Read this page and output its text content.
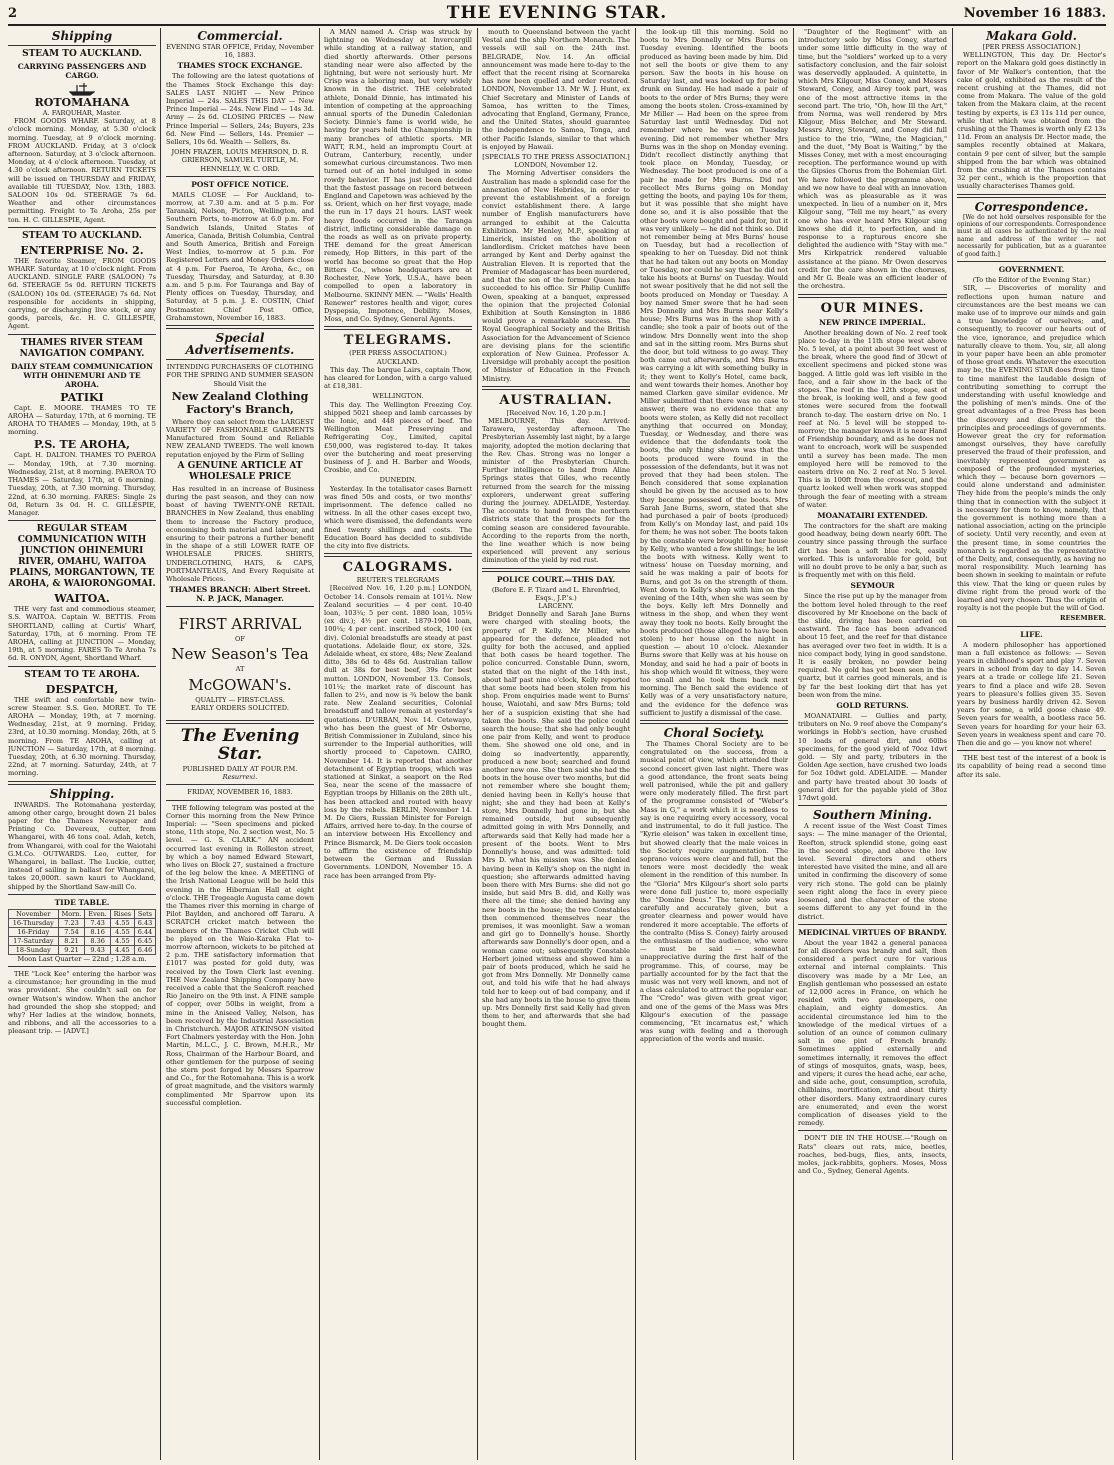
2	THE EVENING STAR.	November 16 1883.
Shipping
STEAM TO AUCKLAND.
CARRYING PASSENGERS AND CARGO.
ROTOMAHANA
A. FARQUHAR, Master.

FROM GOODS WHARF. Saturday, at 8 o'clock morning. Monday, at 5.30 o'clock morning. Tuesday, at 9 o'clock morning. FROM AUCKLAND. Friday, at 3 o'clock afternoon. Saturday, at 3 o'clock afternoon. Monday, at 4 o'clock afternoon. Tuesday, at 4.30 o'clock afternoon. RETURN TICKETS will be issued on THURSDAY and FRIDAY, available till TUESDAY, Nov. 13th, 1883. SALOON 10s 0d. STEERAGE 7s 6d. Weather and other circumstances permitting. Freight to Te Aroha, 25s per ton. H. C. GILLESPIE, Agent.

STEAM TO AUCKLAND.
ENTERPRISE No. 2.

THE favorite Steamer, FROM GOODS WHARF. Saturday, at 10 o'clock night. From AUCKLAND. SINGLE FARE (SALOON) 7s 6d. STEERAGE 5s 0d. RETURN TICKETS (SALOON) 10s 0d. (STEERAGE) 7s 6d. Not responsible for accidents in shipping, carrying, or discharging live stock, or any goods, parcels, &c. H. C. GILLESPIE, Agent.

THAMES RIVER STEAM NAVIGATION COMPANY.
DAILY STEAM COMMUNICATION WITH OHINEMURI AND TE AROHA.
PATIKI

Capt. E. MOORE. THAMES TO TE AROHA — Saturday, 17th, at 6 morning. TE AROHA TO THAMES — Monday, 19th, at 5 morning.

P.S. TE AROHA,

Capt. H. DALTON. THAMES TO PAEROA — Monday, 19th, at 7.30 morning. Wednesday, 21st, at 8 morning. PAEROA TO THAMES — Saturday, 17th, at 6 morning. Tuesday, 20th, at 7.30 morning. Thursday, 22nd, at 6.30 morning. FARES: Single 2s 0d, Return 3s 0d. H. C. GILLESPIE, Manager.

REGULAR STEAM COMMUNICATION WITH JUNCTION OHINEMURI RIVER, OMAHU, WAITOA PLAINS, MORGANTOWN, TE AROHA, & WAIORONGOMAI.
WAITOA.

THE very fast and commodious steamer, S.S. WAITOA. Captain W. BETTIS. From SHORTLAND, calling at Curtis' Wharf, Saturday, 17th, at 6 morning. From TE AROHA, calling at JUNCTION — Monday, 19th, at 5 morning. FARES To Te Aroha 7s 6d. R. ONYON, Agent, Shortland Wharf.

STEAM TO TE AROHA.
DESPATCH,

THE swift and comfortable new twin-screw Steamer. S.S. Geo. MORET. To TE AROHA — Monday, 19th, at 7 morning. Wednesday, 21st, at 9 morning. Friday, 23rd, at 10.30 morning. Monday, 26th, at 5 morning. From TE AROHA, calling at JUNCTION — Saturday, 17th, at 8 morning. Tuesday, 20th, at 6.30 morning. Thursday, 22nd, at 7 morning. Saturday, 24th, at 7 morning.

Shipping.

INWARDS. The Rotomahana yesterday, among other cargo, brought down 21 bales paper for the Thames Newspaper and Printing Co. Devereux, cutter, from Whangarei, with 46 tons coal. Adah, ketch, from Whangarei, with coal for the Waiotahi G.M.Co. OUTWARDS. Leo, cutter, for Whangarei, in ballast. The Luckie, cutter, instead of sailing in ballast for Whangarei, takes 20,000ft. sawn kauri to Auckland, shipped by the Shortland Saw-mill Co.

TIDE TABLE.
November	Morn.	Even.	Rises	Sets
16-Thursday	7.23	7.43	4.55	6.43
16-Friday	7.54	8.16	4.55	6.44
17-Saturday	8.21	8.36	4.55	6.45
18-Sunday	9.21	9.43	4.45	6.46
Moon Last Quarter — 22nd ; 1.28 a.m.

THE "Lock Kee" entering the harbor was a circumstance; her grounding in the mud was provident. She couldn't sail on for owner Watson's window. When the anchor had grounded the shop she stopped; and why? Her ladies at the window, bonnets, and ribbons, and all the accessories to a pleasant trip. — [ADVT.]

Commercial.
EVENING STAR OFFICE, Friday, November 16, 1883.
THAMES STOCK EXCHANGE.

The following are the latest quotations of the Thames Stock Exchange this day: SALES LAST NIGHT — New Prince Imperial — 24s. SALES THIS DAY — New Prince Imperial — 24s. New Find — 14s 3d. Army — 2s 6d. CLOSING PRICES — New Prince Imperial — Sellers, 24s; Buyers, 23s 6d. New Find — Sellers, 14s. Premier — Sellers, 10s 6d. Wealth — Sellers, 8s.

JOHN FRAZER, LOUIS MEHRSON, D. R. GRIERSON, SAMUEL TURTLE, M. HENNELLY, W. C. ORD.
POST OFFICE NOTICE.

MAILS CLOSE — For Auckland, to-morrow, at 7.30 a.m. and at 5 p.m. For Taranaki, Nelson, Picton, Wellington, and Southern Ports, to-morrow at 6.0 p.m. For Sandwich Islands, United States of America, Canada, British Columbia, Central and South America, British and Foreign West Indies, to-morrow at 5 p.m. For Registered Letters and Money Orders close at 4 p.m. For Paeroa, Te Aroha, &c., on Tuesday, Thursday, and Saturday, at 8.30 a.m. and 5 p.m. For Tauranga and Bay of Plenty offices on Tuesday, Thursday, and Saturday, at 5 p.m. J. E. COSTIN, Chief Postmaster. Chief Post Office, Grahamstown, November 16, 1883.

Special Advertisements.
INTENDING PURCHASERS OF CLOTHING FOR THE SPRING AND SUMMER SEASON Should Visit the
New Zealand Clothing Factory's Branch,

Where they can select from the LARGEST VARIETY OF FASHIONABLE GARMENTS Manufactured from Sound and Reliable NEW ZEALAND TWEEDS. The well known reputation enjoyed by the Firm of Selling

A GENUINE ARTICLE AT WHOLESALE PRICE

Has resulted in an increase of Business during the past season, and they can now boast of having TWENTY-ONE RETAIL BRANCHES in New Zealand, thus enabling them to increase the Factory produce, economising both material and labour, and ensuring to their patrons a further benefit in the shape of a still LOWER RATE OF WHOLESALE PRICES. SHIRTS, UNDERCLOTHING, HATS, & CAPS, PORTMANTEAUS, And Every Requisite at Wholesale Prices.

THAMES BRANCH: Albert Street. N. P. JACK, Manager.
FIRST ARRIVAL
OF
New Season's Tea
AT
McGOWAN's.
QUALITY — FIRST-CLASS.
EARLY ORDERS SOLICITED.
The Evening Star.
PUBLISHED DAILY AT FOUR P.M.
Resurrexi.
FRIDAY, NOVEMBER 16, 1883.

THE following telegram was posted at the Corner this morning from the New Prince Imperial: — "Seen specimens and picked stone, 11th stope, No. 2 section west, No. 5 level. — G. S. CLARK." AN accident occurred last evening in Rolleston street, by which a boy named Edward Stewart, who lives on Block 27, sustained a fracture of the leg below the knee. A MEETING of the Irish National League will be held this evening in the Hibernian Hall at eight o'clock. THE Tregeagle Augusta came down the Thames river this morning in charge of Pilot Baylden, and anchored off Tararu. A SCRATCH cricket match between the members of the Thames Cricket Club will be played on the Waio-Karaka Flat to-morrow afternoon, wickets to be pitched at 2 p.m. THE satisfactory information that £1017 was posted for gold duty, was received by the Town Clerk last evening. THE New Zealand Shipping Company have received a cable that the Sealcroft reached Rio Janeiro on the 9th inst. A FINE sample of copper, over 50lbs in weight, from a mine in the Aniseed Valley, Nelson, has been received by the Industrial Association in Christchurch. MAJOR ATKINSON visited Fort Chalmers yesterday with the Hon. John Martin, M.L.C., J. C. Brown, M.H.R., Mr Ross, Chairman of the Harbour Board, and other gentlemen for the purpose of seeing the stern post forged by Messrs Sparrow and Co., for the Rotomahana. This is a work of great magnitude, and the visitors warmly complimented Mr Sparrow upon its successful completion.

A MAN named A. Crisp was struck by lightning on Wednesday at Invercargill while standing at a railway station, and died shortly afterwards. Other persons standing near were also affected by the lightning, but were not seriously hurt. Mr Crisp was a laboring man, but very widely known in the district. THE celebrated athlete, Donald Dinnie, has intimated his intention of competing at the approaching annual sports of the Dunedin Caledonian Society. Dinnie's fame is world wide, he having for years held the Championship in many branches of athletic sports. MR WATT, R.M., held an impromptu Court at Outram, Canterbury, recently, under somewhat curious circumstances. Two men turned out of an hotel indulged in some rowdy behavior. IT has just been decided that the fastest passage on record between England and Capetown was achieved by the ss. Orient, which on her first voyage, made the run in 17 days 21 hours. LAST week heavy floods occurred in the Taranga district, inflicting considerable damage on the roads as well as on private property. THE demand for the great American remedy, Hop Bitters, in this part of the world has become so great that the Hop Bitters Co., whose headquarters are at Rochester, New York, U.S.A., have been compelled to open a laboratory in Melbourne. SKINNY MEN. — "Wells' Health Renewer" restores health and vigor, cures Dyspepsia, Impotence, Debility. Moses, Moss, and Co. Sydney, General Agents.

TELEGRAMS.
(PER PRESS ASSOCIATION.)
AUCKLAND.

This day. The barque Lairs, captain Thow, has cleared for London, with a cargo valued at £18,381.

WELLINGTON.

This day. The Wellington Freezing Coy. shipped 5021 sheep and lamb carcasses by the Ionic, and 448 pieces of beef. The Wellington Meat Preserving and Refrigerating Coy., Limited, capital £50,000, was registered to-day. It takes over the butchering and meat preserving business of J. and H. Barber and Woods, Crosbie, and Co.

DUNEDIN.

Yesterday. In the totalisator cases Barnett was fined 50s and costs, or two months' imprisonment. The defence called no witness. In all the other cases except two, which were dismissed, the defendants were fined twenty shillings and costs. The Education Board has decided to subdivide the city into five districts.

CALOGRAMS.
REUTER'S TELEGRAMS

[Received Nov. 16, 1.20 p.m.] LONDON, October 14. Consols remain at 101¼. New Zealand securities — 4 per cent. 10-40 loan, 103¼; 5 per cent. 1880 loan, 105¼ (ex div.); 4½ per cent. 1879-1904 loan, 100¼; 4 per cent. inscribed stock, 100 (ex div). Colonial breadstuffs are steady at past quotations. Adelaide flour, ex store, 32s. Adelaide wheat, ex store, 48s; New Zealand ditto, 38s 6d to 48s 6d. Australian tallow dull at 38s for best beef, 39s for best mutton. LONDON, November 13. Consols, 101¼; the market rate of discount has fallen to 2½, and now is ¾ below the bank rate. New Zealand securities, Colonial breadstuff and tallow remain at yesterday's quotations. D'URBAN, Nov. 14. Cetewayo, who has been the guest of Mr Osborne, British Commissioner in Zululand, since his surrender to the Imperial authorities, will shortly proceed to Capetown. CAIRO, November 14. It is reported that another detachment of Egyptian troops, which was stationed at Sinkat, a seaport on the Red Sea, near the scene of the massacre of Egyptian troops by Hillanis on the 28th ult., has been attacked and routed with heavy loss by the rebels. BERLIN, November 14. M. De Giers, Russian Minister for Foreign Affairs, arrived here to-day. In the course of an interview between His Excellency and Prince Bismarck, M. De Giers took occasion to affirm the existence of friendship between the German and Russian Governments. LONDON, November 15. A race has been arranged from Ply-

mouth to Queensland between the yacht Vestal and the ship Northern Monarch. The vessels will sail on the 24th inst. BELGRADE, Nov. 14. An official announcement was made here to-day to the effect that the recent rising at Scornareka has now been quelled and order restored. LONDON, November 13. Mr W. J. Hunt, ex Chief Secretary and Minister of Lands of Samoa, has written to the Times, advocating that England, Germany, France, and the United States, should guarantee the independence to Samoa, Tonga, and other Pacific Islands, similar to that which is enjoyed by Hawaii.

[SPECIALS TO THE PRESS ASSOCIATION.]
LONDON, November 12.

The Morning Advertiser considers the Australian has made a splendid case for the annexation of New Hebrides, in order to prevent the establishment of a foreign convict establishment there. A large number of English manufacturers have arranged to exhibit at the Calcutta Exhibition. Mr Henley, M.P., speaking at Limerick, insisted on the abolition of landlordism. Cricket matches have been arranged by Kent and Derby against the Australian Eleven. It is reported that the Premier of Madagascar has been murdered, and that the son of the former Queen has succeeded to his office. Sir Philip Cunliffe Owen, speaking at a banquet, expressed the opinion that the projected Colonial Exhibition at South Kensington in 1886 would prove a remarkable success. The Royal Geographical Society and the British Association for the Advancement of Science are devising plans for the scientific exploration of New Guinea. Professor A. Liversidge will probably accept the position of Minister of Education in the French Ministry.

AUSTRALIAN.
[Received Nov. 16, 1.20 p.m.]

MELBOURNE, This day. Arrived: Tarawera, yesterday afternoon. The Presbyterian Assembly last night, by a large majority, adopted the motion declaring that the Rev. Chas. Strong was no longer a minister of the Presbyterian Church. Further intelligence to hand from Aline Springs states that Giles, who recently returned from the search for the missing explorers, underwent great suffering during the journey. ADELAIDE, Yesterday. The accounts to hand from the northern districts state that the prospects for the coming season are considered favourable. According to the reports from the north, the line weather which is now being experienced will prevent any serious diminution of the yield by red rust.

POLICE COURT.—THIS DAY.
(Before E. F. Tizard and L. Ehrenfried, Esqs., J.P.'s.)
LARCENY.

Bridget Donnelly and Sarah Jane Burns were charged with stealing boots, the property of P. Kelly. Mr Miller, who appeared for the defence, pleaded not guilty for both the accused, and applied that both cases be heard together. The police concurred. Constable Dunn, sworn, stated that on the night of the 14th inst., about half past nine o'clock, Kelly reported that some boots had been stolen from his shop. From enquiries made went to Burns' house, Waiotahi, and saw Mrs Burns; told her of a suspicion existing that she had taken the boots. She said the police could search the house; that she had only bought one pair from Kelly, and went to produce them. She showed one old one, and in doing so inadvertently, apparently, produced a new boot; searched and found another new one. She then said she had the boots in the house over two months, but did not remember where she bought them; denied having been in Kelly's house that night; she and they had been at Kelly's store, Mrs Donnelly had gone in, but she remained outside, but subsequently admitted going in with Mrs Donnelly, and afterwards said that Kelly had made her a present of the boots. Went to Mrs Donnelly's house, and was admitted: told Mrs D. what his mission was. She denied having been in Kelly's shop on the night in question; she afterwards admitted having been there with Mrs Burns: she did not go inside, but said Mrs B. did, and Kelly was there all the time; she denied having any new boots in the house; the two Constables then commenced themselves near the premises, it was moonlight. Saw a woman and girl go to Donnelly's house. Shortly afterwards saw Donnelly's door open, and a woman came out; subsequently Constable Herbert joined witness and showed him a pair of boots produced, which he said he got from Mrs Donnelly. Mr Donnelly came out, and told his wife that he had always told her to keep out of bad company, and if she had any boots in the house to give them up. Mrs Donnelly first said Kelly had given them to her, and afterwards that she had bought them.

the look-up till this morning. Sold no boots to Mrs Donnelly or Mrs Burns on Tuesday evening. Identified the boots produced as having been made by him. Did not sell the boots or give them to any person. Saw the boots in his house on Saturday last, and was looked up for being drunk on Sunday. He had made a pair of boots to the order of Mrs Burns; they were among the boots stolen. Cross-examined by Mr Miller — Had been on the spree from Saturday last until Wednesday. Did not remember where he was on Tuesday evening. Did not remember whether Mrs Burns was in the shop on Monday evening. Didn't recollect distinctly anything that took place on Monday, Tuesday, or Wednesday. The boot produced is one of a pair he made for Mrs Burns. Did not recollect Mrs Burns going on Monday getting the boots, and paying 10s for them, but it was possible that she might have done so, and it is also possible that the other boots were bought and paid for, but it was very unlikely — he did not think so. Did not remember being at Mrs Burns' house on Tuesday, but had a recollection of speaking to her on Tuesday. Did not think that he had taken out any boots on Monday or Tuesday, nor could he say that he did not take his boots at Burns' on Tuesday. Would not swear positively that he did not sell the boots produced on Monday or Tuesday. A boy named Smer swore that he had seen Mrs Donnelly and Mrs Burns near Kelly's house; Mrs Burns was in the shop with a candle; she took a pair of boots out of the window. Mrs Donnelly went into the shop and sat in the sitting room. Mrs Burns shut the door, but told witness to go away. They both came out afterwards, and Mrs Burns was carrying a kit with something bulky in it; they went to Kelly's Hotel, came back, and went towards their homes. Another boy named Clarken gave similar evidence. Mr Miller submitted that there was no case to answer, there was no evidence that any boots were stolen, as Kelly did not recollect anything that occurred on Monday, Tuesday, or Wednesday, and there was evidence that the defendants took the boots, the only thing shown was that the boots produced were found in the possession of the defendants, but it was not proved that they had been stolen. The Bench considered that some explanation should be given by the accused as to how they became possessed of the boots. Mrs Sarah Jane Burns, sworn, stated that she had purchased a pair of boots (produced) from Kelly's on Monday last, and paid 10s for them; he was not sober. The boots taken by the constable were brought to her house by Kelly, who wanted a few shillings; he left the boots with witness. Kelly went to witness' house on Tuesday morning, and said he was making a pair of boots for Burns, and got 3s on the strength of them. Went down to Kelly's shop with him on the evening of the 14th, when she was seen by the boys. Kelly left Mrs Donnelly and witness in the shop, and when they went away they took no boots. Kelly brought the boots produced (those alleged to have been stolen) to her house on the night in question — about 10 o'clock. Alexander Burns swore that Kelly was at his house on Monday, and said he had a pair of boots in his shop which would fit witness, they were too small and he took them back next morning. The Bench said the evidence of Kelly was of a very unsatisfactory nature, and the evidence for the defence was sufficient to justify a dismissal of the case.

Choral Society.

The Thames Choral Society are to be congratulated on the success, from a musical point of view, which attended their second concert given last night. There was a good attendance, the front seats being well patronised, while the pit and gallery were only moderately filled. The first part of the programme consisted of "Weber's Mass in G," a work which it is needless to say is one requiring every accessory, vocal and instrumental, to do it full justice. The "Kyrie eleison" was taken in excellent time, but showed clearly that the male voices in the Society require augmentation. The soprano voices were clear and full, but the tenors were most decidedly the weak element in the rendition of this number. In the "Gloria" Mrs Kilgour's short solo parts were done full justice to, more especially the "Domine Deus." The tenor solo was carefully and accurately given, but a greater clearness and power would have rendered it more acceptable. The efforts of the contralto (Miss S. Coney) fairly aroused the enthusiasm of the audience, who were — must be said — somewhat unappreciative during the first half of the programme. This, of course, may be partially accounted for by the fact that the music was not very well known, and not of a class calculated to attract the popular ear. The "Credo" was given with great vigor, and one of the gems of the Mass was Mrs Kilgour's execution of the passage commencing, "Et incarnatus est," which was sung with feeling and a thorough appreciation of the words and music.

"Daughter of the Regiment" with an introductory solo by Miss Coney, started under some little difficulty in the way of time, but the "soldiers" worked up to a very satisfactory conclusion, and the fair soloist was deservedly applauded. A quintette, in which Mrs Kilgour, Miss Coney, and Messrs Steward, Coney, and Airey took part, was one of the most attractive items in the second part. The trio, "Oh, how Ill the Art," from Norma, was well rendered by Mrs Kilgour, Miss Belcher, and Mr Steward. Messrs Airey, Steward, and Coney did full justice to the trio, "Wine, the Magician," and the duet, "My Boat is Waiting," by the Misses Coney, met with a most encouraging reception. The performance wound up with the Gipsies Chorus from the Bohemian Girl. We have followed the programme above, and we now have to deal with an innovation which was as pleasurable as it was unexpected. In lieu of a number on it, Mrs Kilgour sang, "Tell me my heart," as every one who has ever heard Mrs Kilgour sing knows she did it, to perfection, and in response to a rapturous encore she delighted the audience with "Stay with me." Mrs Kirkpatrick rendered valuable assistance at the piano. Mr Owen deserves credit for the care shown in the choruses, and Mr G. Beale was an efficient leader of the orchestra.

OUR MINES.
NEW PRINCE IMPERIAL.

Another breaking down of No. 2 reef took place to-day in the 11th stope west above No. 5 level, at a point about 30 feet west of the break, where the good find of 30cwt of excellent specimens and picked stone was bagged. A little gold was left visible in the face, and a fair show in the back of the stopes. The reef in the 12th stope, east of the break, is looking well, and a few good stones were secured from the footwall branch to-day. The eastern drive on No. 1 reef at No. 5 level will be stopped to-morrow; the manager knows it is near Hand of Friendship boundary, and as he does not want to encroach, work will be suspended until a survey has been made. The men employed here will be removed to the eastern drive on No. 2 reef at No. 5 level. This is in 100ft from the crosscut, and the quartz looked well when work was stopped through the fear of meeting with a stream of water.

MOANATAIRI EXTENDED.

The contractors for the shaft are making good headway, being down nearly 60ft. The country since passing through the surface dirt has been a soft blue rock, easily worked. This is unfavorable for gold, but will no doubt prove to be only a bar, such as is frequently met with on this field.

SEYMOUR

Since the rise put up by the manager from the bottom level holed through to the reef discovered by Mr Knoebone on the back of the slide, driving has been carried on eastward. The face has been advanced about 15 feet, and the reef for that distance has averaged over two feet in width. It is a nice compact body, lying in good sandstone. It is easily broken, no powder being required. No gold has yet been seen in the quartz, but it carries good minerals, and is by far the best looking dirt that has yet been won from the mine.

GOLD RETURNS.

MOANATAIRI. — Gullies and party, tributers on No. 9 reef above the Company's workings in Hobb's section, have crushed 10 loads of general dirt, and 60lbs specimens, for the good yield of 70oz 1dwt gold. — Sly and party, tributers in the Golden Age section, have crushed two loads for 5oz 10dwt gold. ADELAIDE. — Mander and party have treated about 30 loads of general dirt for the payable yield of 38oz 17dwt gold.

Southern Mining.

A recent issue of the West Coast Times says: — The mine manager of the Oriental, Reefton, struck splendid stone, going east in the second stope, and above the low level. Several directors and others interested have visited the mine, and all are united in confirming the discovery of some very rich stone. The gold can be plainly seen right along the face in every piece loosened, and the character of the stone seems different to any yet found in the district.

MEDICINAL VIRTUES OF BRANDY.

About the year 1842 a general panacea for all disorders was brandy and salt, then considered a perfect cure for various external and internal complaints. This discovery was made by a Mr Lee, an English gentleman who possessed an estate of 12,000 acres in France, on which he resided with two gamekeepers, one chaplain, and eighty domestics. An accidental circumstance led him to the knowledge of the medical virtues of a solution of an ounce of common culinary salt in one pint of French brandy. Sometimes applied externally and sometimes internally, it removes the effect of stings of mosquitos, gnats, wasp, bees, and vipers; it cures the head ache, ear ache, and side ache, gout, consumption, scrofula, chilblains, mortification, and about thirty other disorders. Many extraordinary cures are enumerated, and even the worst complication of diseases yield to the remedy.

DON'T DIE IN THE HOUSE.—"Rough on Rats" clears out rats, mice, beetles, roaches, bed-bugs, flies, ants, insects, moles, jack-rabbits, gophers. Moses, Moss and Co., Sydney, General Agents.

Makara Gold.
[PER PRESS ASSOCIATION.]

WELLINGTON, This day. Dr. Hector's report on the Makara gold goes distinctly in favor of Mr Walker's contention, that the cake of gold, exhibited as the result of the recent crushing at the Thames, did not come from Makara. The value of the gold taken from the Makara claim, at the recent testing by experts, is £3 11s 11d per ounce, while that which was obtained from the crushing at the Thames is worth only £2 13s 11d. From an analysis Dr. Hector made, the samples recently obtained at Makara, contain 9 per cent of silver, but the sample shipped from the bar which was obtained from the crushing at the Thames contains 32 per cent., which is the proportion that usually characterises Thames gold.

Correspondence.

[We do not hold ourselves responsible for the opinions of our correspondents. Correspondence must in all cases be authenticated by the real name and address of the writer — not necessarily for publication, but as a guarantee of good faith.]

GOVERNMENT.
(To the Editor of the Evening Star.)

SIR, — Discoveries of morality and reflections upon human nature and circumstances are the best means we can make use of to improve our minds and gain a true knowledge of ourselves; and, consequently, to recover our hearts out of the vice, ignorance, and prejudice which naturally cleave to them. You, sir, all along in your paper have been an able promoter of those great ends. Whatever the execution may be, the EVENING STAR does from time to time manifest the laudable design of contributing something to corrupt the understanding with useful knowledge and the polishing of men's minds. One of the great advantages of a free Press has been the discovery and disclosure of the principles and proceedings of governments. However great the cry for reformation amongst ourselves, they have carefully preserved the fraud of their profession, and inevitably represented government as composed of the profounded mysteries, which they — because born governors — could alone understand and administer. They hide from the people's minds the only thing that in connection with the subject it is necessary for them to know, namely, that the government is nothing more than a national association, acting on the principle of society. Until very recently, and even at the present time, in some countries the monarch is regarded as the representative of the Deity, and, consequently, as having no moral responsibility. Much learning has been shown in seeking to maintain or refute this view. That the king or queen rules by divine right from the proud work of the learned and very chosen. Thus the origin of royalty is not the people but the will of God.

RESEMBER.
LIFE.

A modern philosopher has apportioned man a full existence as follows: — Seven years in childhood's sport and play 7. Seven years in school from day to day 14. Seven years at a trade or college life 21. Seven years to find a place and wife 28. Seven years to pleasure's follies given 35. Seven years by business hardly driven 42. Seven years for some, a wild goose chase 49. Seven years for wealth, a bootless race 56. Seven years for hoarding for your heir 63. Seven years in weakness spent and care 70. Then die and go — you know not where!

THE best test of the interest of a book is its capability of being read a second time after its sale.
